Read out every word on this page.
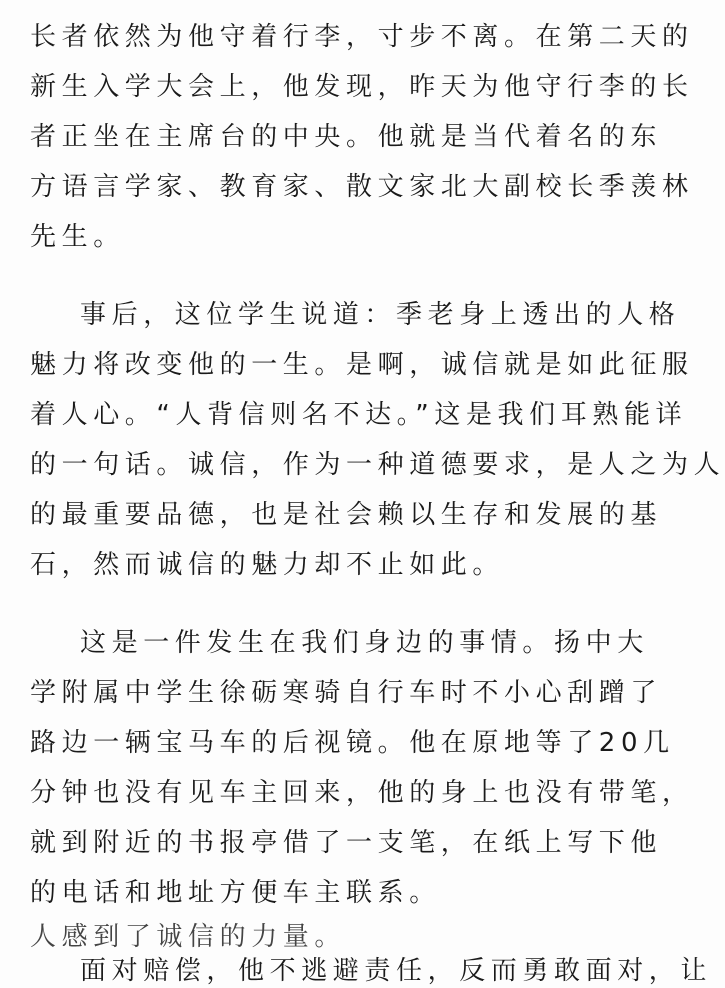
长者依然为他守着行李，寸步不离。在第二天的
新生入学大会上，他发现，昨天为他守行李的长
者正坐在主席台的中央。他就是当代着名的东
方语言学家、教育家、散文家北大副校长季羡林
先生。
事后，这位学生说道：季老身上透出的人格
魅力将改变他的一生。是啊，诚信就是如此征服
着人心。“人背信则名不达。”这是我们耳熟能详
的一句话。诚信，作为一种道德要求，是人之为人
的最重要品德，也是社会赖以生存和发展的基
石，然而诚信的魅力却不止如此。
这是一件发生在我们身边的事情。扬中大
学附属中学生徐砺寒骑自行车时不小心刮蹭了
路边一辆宝马车的后视镜。他在原地等了20几
分钟也没有见车主回来，他的身上也没有带笔，
就到附近的书报亭借了一支笔，在纸上写下他
的电话和地址方便车主联系。
面对赔偿，他不逃避责任，反而勇敢面对，让
人感到了诚信的力量。
